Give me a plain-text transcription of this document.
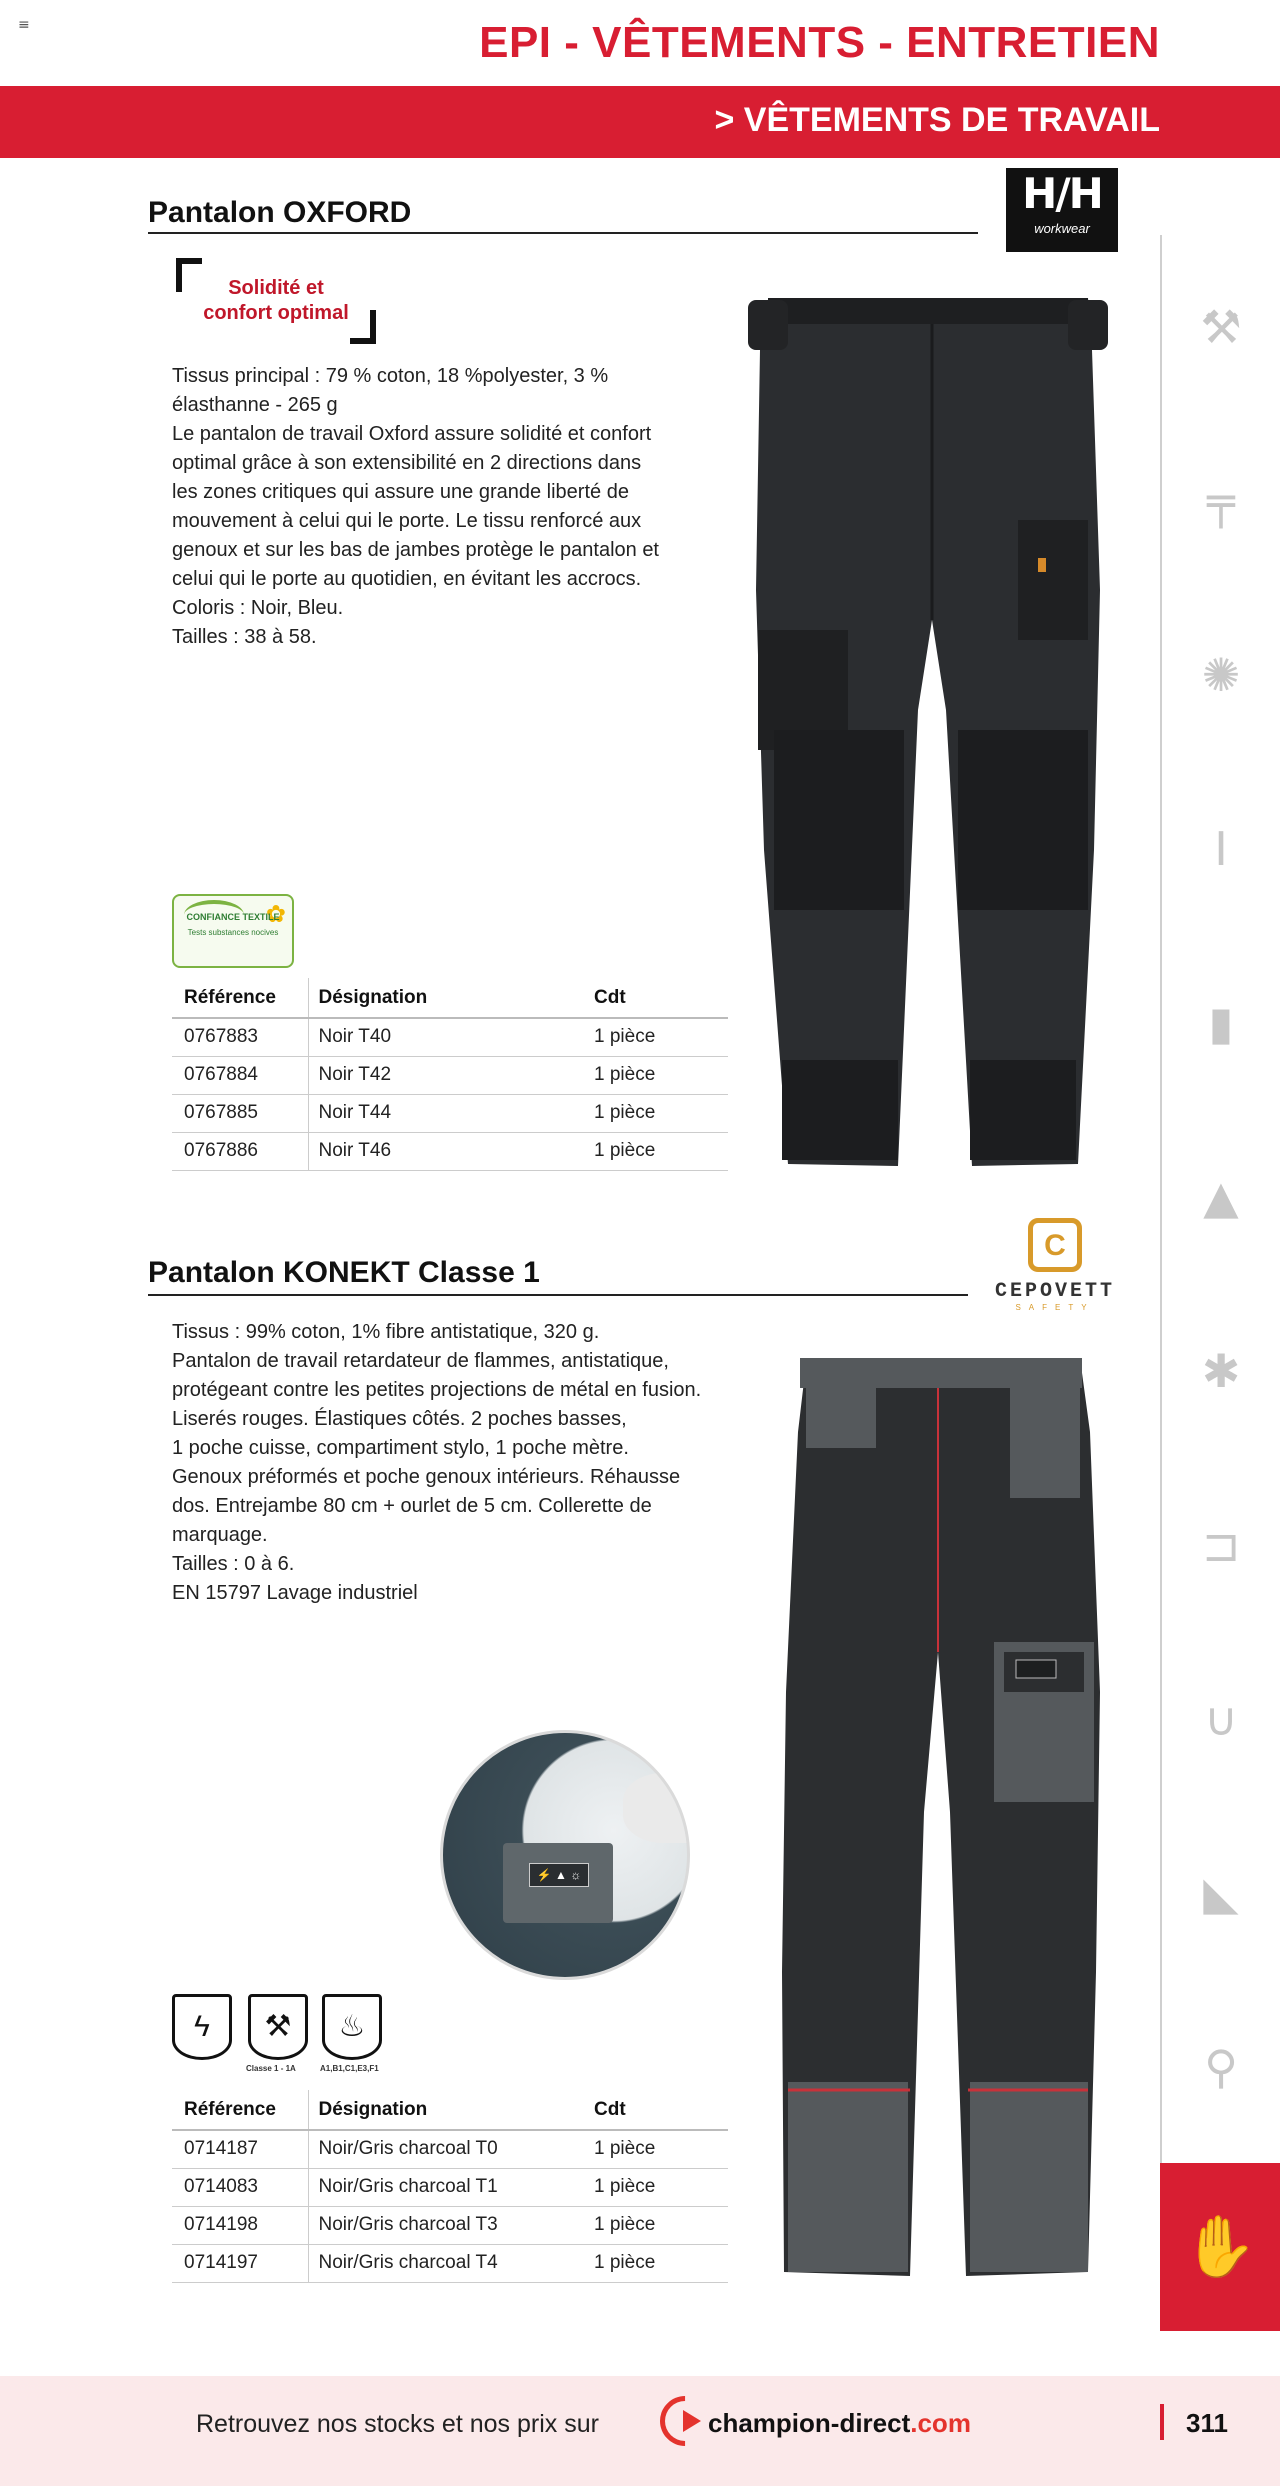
≡	EPI - VÊTEMENTS - ENTRETIEN
> VÊTEMENTS DE TRAVAIL
Pantalon OXFORD	H/H
workwear
Solidité et
confort optimal

Tissus principal : 79 % coton, 18 %polyester, 3 %

élasthanne - 265 g

Le pantalon de travail Oxford assure solidité et confort

optimal grâce à son extensibilité en 2 directions dans

les zones critiques qui assure une grande liberté de

mouvement à celui qui le porte. Le tissu renforcé aux

genoux et sur les bas de jambes protège le pantalon et

celui qui le porte au quotidien, en évitant les accrocs.

Coloris : Noir, Bleu.

Tailles : 38 à 58.

✿
CONFIANCE TEXTILE
Tests substances nocives
Référence	Désignation	Cdt
0767883	Noir T40	1 pièce
0767884	Noir T42	1 pièce
0767885	Noir T44	1 pièce
0767886	Noir T46	1 pièce
Pantalon KONEKT Classe 1
C
CEPOVETT
SAFETY

Tissus : 99% coton, 1% fibre antistatique, 320 g.

Pantalon de travail retardateur de flammes, antistatique,

protégeant contre les petites projections de métal en fusion.

Liserés rouges. Élastiques côtés. 2 poches basses,

1 poche cuisse, compartiment stylo, 1 poche mètre.

Genoux préformés et poche genoux intérieurs. Réhausse

dos. Entrejambe 80 cm + ourlet de 5 cm. Collerette de

marquage.

Tailles : 0 à 6.

EN 15797 Lavage industriel

⚡ ▲ ☼
ϟ	⚒	♨
Classe 1 - 1A	A1,B1,C1,E3,F1
Référence	Désignation	Cdt
0714187	Noir/Gris charcoal T0	1 pièce
0714083	Noir/Gris charcoal T1	1 pièce
0714198	Noir/Gris charcoal T3	1 pièce
0714197	Noir/Gris charcoal T4	1 pièce
⚒
╤
✺
I
▮
▲
✱
⊐
∪
◣
⚲
✋
Retrouvez nos stocks et nos prix sur	champion-direct.com	311
